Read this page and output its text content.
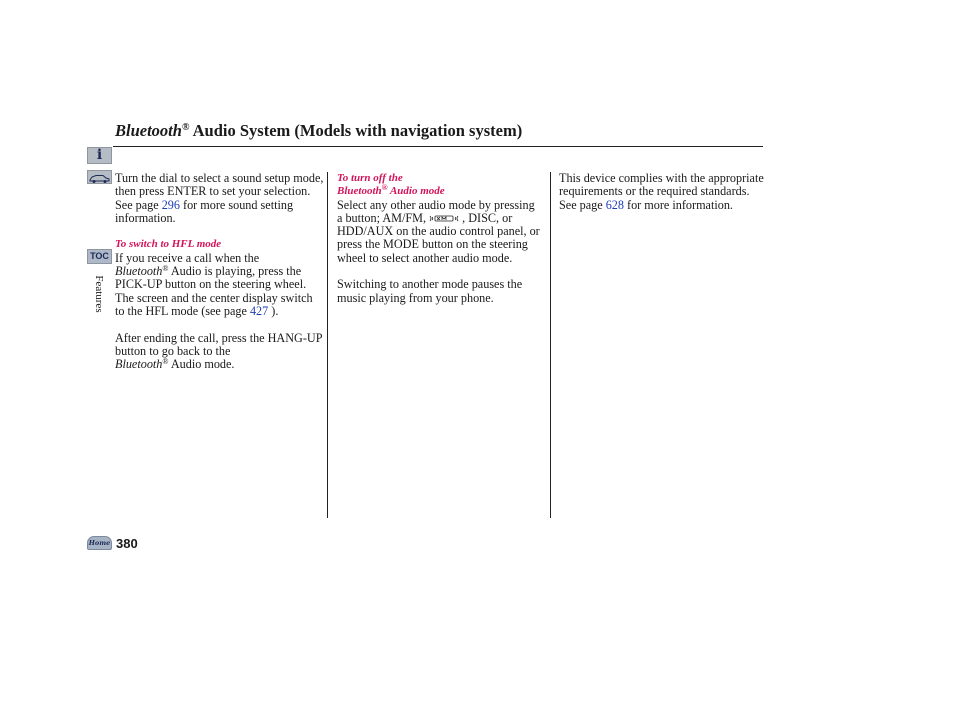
Bluetooth® Audio System (Models with navigation system)
i
TOC
Features

Turn the dial to select a sound setup mode, then press ENTER to set your selection. See page 296 for more sound setting information.

To switch to HFL mode

If you receive a call when the
Bluetooth® Audio is playing, press the PICK-UP button on the steering wheel. The screen and the center display switch to the HFL mode (see page 427 ).

After ending the call, press the HANG-UP button to go back to the
Bluetooth® Audio mode.

To turn off the

Bluetooth® Audio mode

Select any other audio mode by pressing a button; AM/FM,  , DISC, or HDD/AUX on the audio control panel, or press the MODE button on the steering wheel to select another audio mode.

Switching to another mode pauses the music playing from your phone.

This device complies with the appropriate requirements or the required standards. See page 628 for more information.

Home 380
